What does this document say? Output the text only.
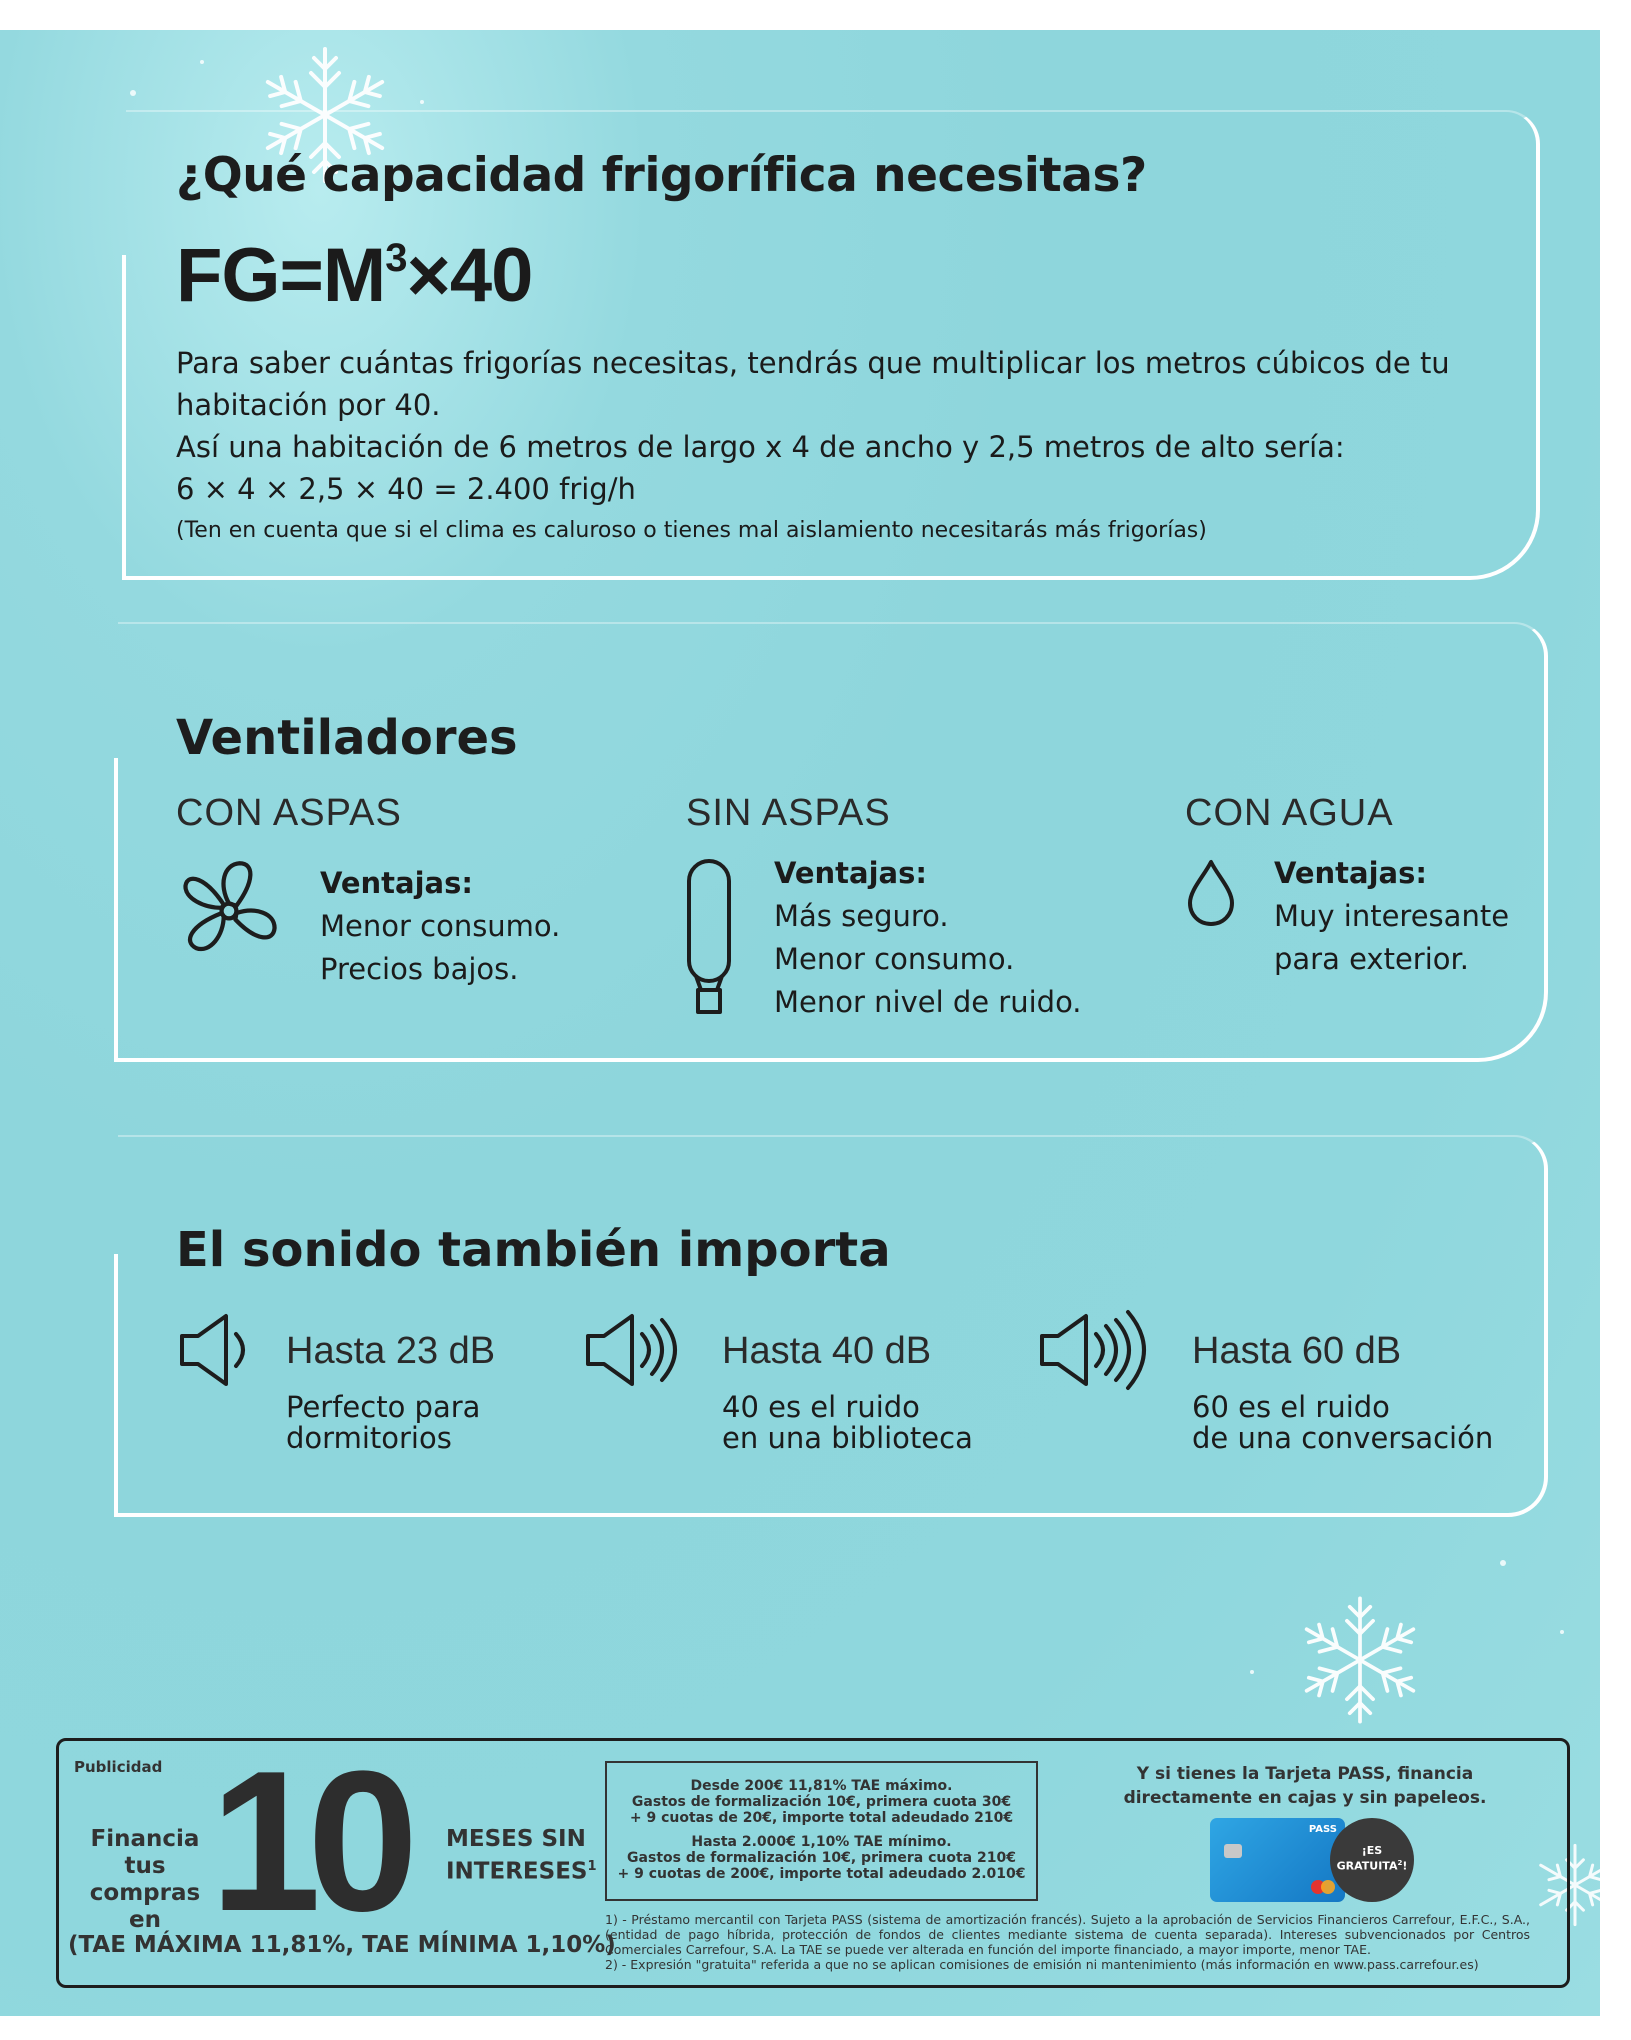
¿Qué capacidad frigorífica necesitas?
$FG=M^3\times 40$
Para saber cuántas frigorías necesitas, tendrás que multiplicar los metros cúbicos de tu habitación por 40.
Así una habitación de 6 metros de largo x 4 de ancho y 2,5 metros de alto sería:
6 × 4 × 2,5 × 40 = 2.400 frig/h
(Ten en cuenta que si el clima es caluroso o tienes mal aislamiento necesitarás más frigorías)
Ventiladores
CON ASPAS	SIN ASPAS	CON AGUA
Ventajas:
Menor consumo.
Precios bajos.
Ventajas:
Más seguro.
Menor consumo.
Menor nivel de ruido.
Ventajas:
Muy interesante
para exterior.
El sonido también importa
Hasta 23 dB
Perfecto para
dormitorios
Hasta 40 dB
40 es el ruido
en una biblioteca
Hasta 60 dB
60 es el ruido
de una conversación
Publicidad
Financia tus
compras en 10 MESES SIN
INTERESES$^1$
(TAE MÁXIMA 11,81%, TAE MÍNIMA 1,10%)

Desde 200€ 11,81% TAE máximo.
Gastos de formalización 10€, primera cuota 30€
+ 9 cuotas de 20€, importe total adeudado 210€

Hasta 2.000€ 1,10% TAE mínimo.
Gastos de formalización 10€, primera cuota 210€
+ 9 cuotas de 200€, importe total adeudado 2.010€

Y si tienes la Tarjeta PASS, financia
directamente en cajas y sin papeleos.
PASS
¡ES
GRATUITA$^2$!
1) - Préstamo mercantil con Tarjeta PASS (sistema de amortización francés). Sujeto a la aprobación de Servicios Financieros Carrefour, E.F.C., S.A., (entidad de pago híbrida, protección de fondos de clientes mediante sistema de cuenta separada). Intereses subvencionados por Centros Comerciales Carrefour, S.A. La TAE se puede ver alterada en función del importe financiado, a mayor importe, menor TAE.
2) - Expresión "gratuita" referida a que no se aplican comisiones de emisión ni mantenimiento (más información en www.pass.carrefour.es)
